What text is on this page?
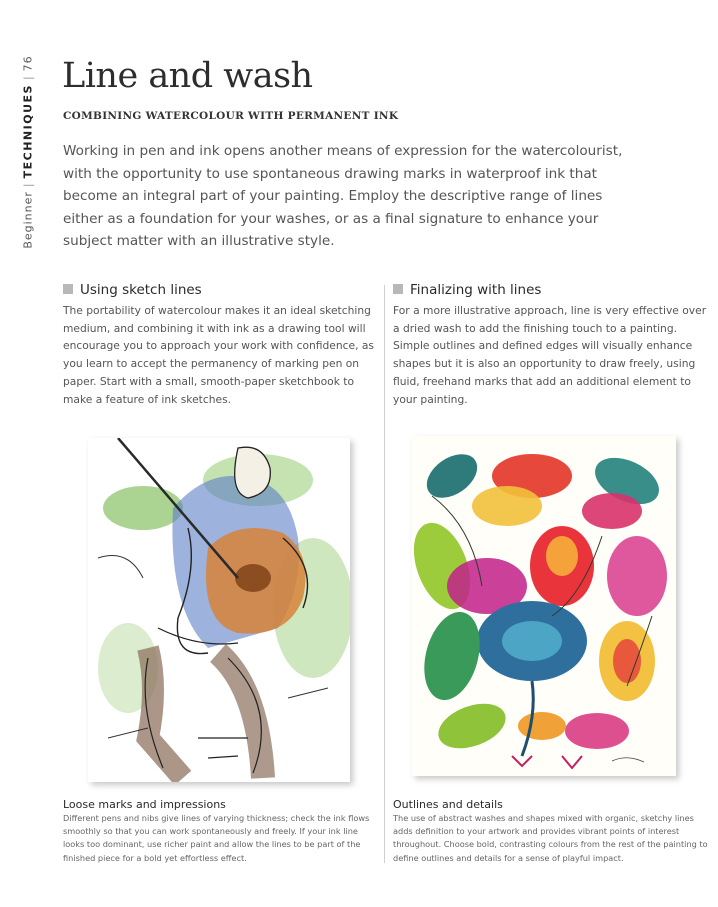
Beginner|TECHNIQUES|76 Line and wash

COMBINING WATERCOLOUR WITH PERMANENT INK

Working in pen and ink opens another means of expression for the watercolourist, with the opportunity to use spontaneous drawing marks in waterproof ink that become an integral part of your painting. Employ the descriptive range of lines either as a foundation for your washes, or as a final signature to enhance your subject matter with an illustrative style.

Using sketch lines

The portability of watercolour makes it an ideal sketching medium, and combining it with ink as a drawing tool will encourage you to approach your work with confidence, as you learn to accept the permanency of marking pen on paper. Start with a small, smooth-paper sketchbook to make a feature of ink sketches.

Finalizing with lines

For a more illustrative approach, line is very effective over a dried wash to add the finishing touch to a painting. Simple outlines and defined edges will visually enhance shapes but it is also an opportunity to draw freely, using fluid, freehand marks that add an additional element to your painting.

Loose marks and impressions

Different pens and nibs give lines of varying thickness; check the ink flows smoothly so that you can work spontaneously and freely. If your ink line looks too dominant, use richer paint and allow the lines to be part of the finished piece for a bold yet effortless effect.

Outlines and details

The use of abstract washes and shapes mixed with organic, sketchy lines adds definition to your artwork and provides vibrant points of interest throughout. Choose bold, contrasting colours from the rest of the painting to define outlines and details for a sense of playful impact.
